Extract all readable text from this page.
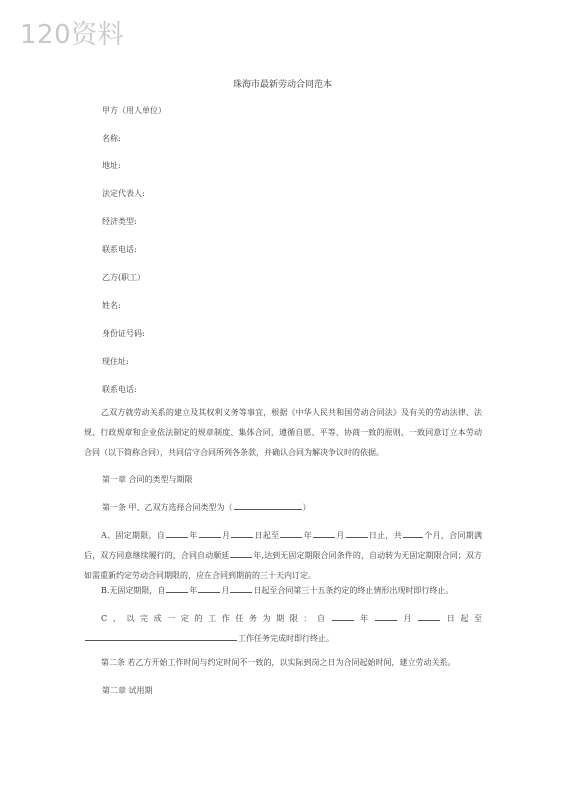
120资料
珠海市最新劳动合同范本
甲方（用人单位）
名称:
地址:
法定代表人:
经济类型:
联系电话:
乙方(职工）
姓名:
身份证号码:
现住址:
联系电话:
乙双方就劳动关系的建立及其权利义务等事宜，根据《中华人民共和国劳动合同法》及有关的劳动法律、法规、行政规章和企业依法制定的规章制度、集体合同，遵循自愿、平等、协商一致的原则，一致同意订立本劳动合同（以下简称合同），共同信守合同所列各条款，并确认合同为解决争议时的依据。
第一章 合同的类型与期限
第一条 甲、乙双方选择合同类型为（	）
A、固定期限，自	年	月	日起至	年	月	日止，共	个月，合同期满后，双方同意继续履行的，合同自动顺延	年,达到无固定期限合同条件的，自动转为无固定期限合同；双方如需重新约定劳动合同期限的，应在合同到期前的三十天内订定。
B.无固定期限，自	年	月	日起至合同第三十五条约定的终止情形出现时即行终止。
C、以完成一定的工作任务为期限：自	年	月	日起至工作任务完成时即行终止。
第二条 若乙方开始工作时间与约定时间不一致的，以实际到岗之日为合同起始时间，建立劳动关系。
第二章 试用期
